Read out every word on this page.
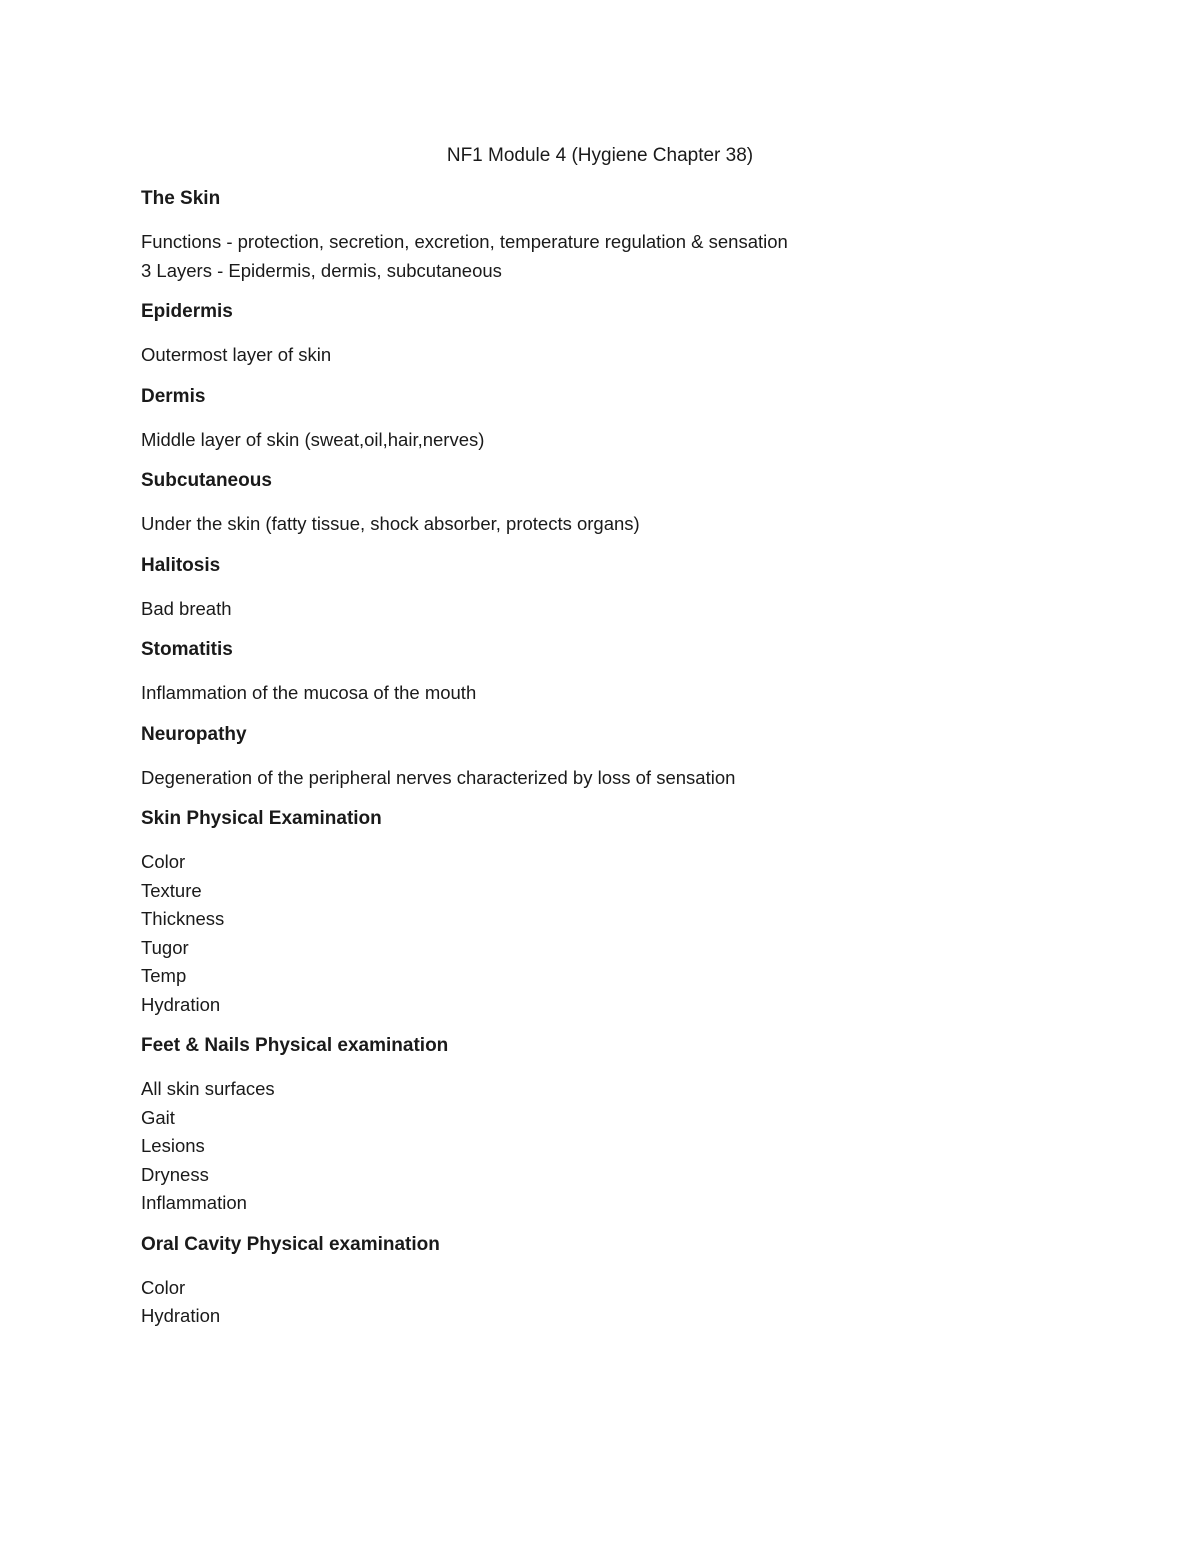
NF1 Module 4 (Hygiene Chapter 38)
The Skin
Functions - protection, secretion, excretion, temperature regulation & sensation
3 Layers - Epidermis, dermis, subcutaneous
Epidermis
Outermost layer of skin
Dermis
Middle layer of skin (sweat,oil,hair,nerves)
Subcutaneous
Under the skin (fatty tissue, shock absorber, protects organs)
Halitosis
Bad breath
Stomatitis
Inflammation of the mucosa of the mouth
Neuropathy
Degeneration of the peripheral nerves characterized by loss of sensation
Skin Physical Examination
Color
Texture
Thickness
Tugor
Temp
Hydration
Feet & Nails Physical examination
All skin surfaces
Gait
Lesions
Dryness
Inflammation
Oral Cavity Physical examination
Color
Hydration
